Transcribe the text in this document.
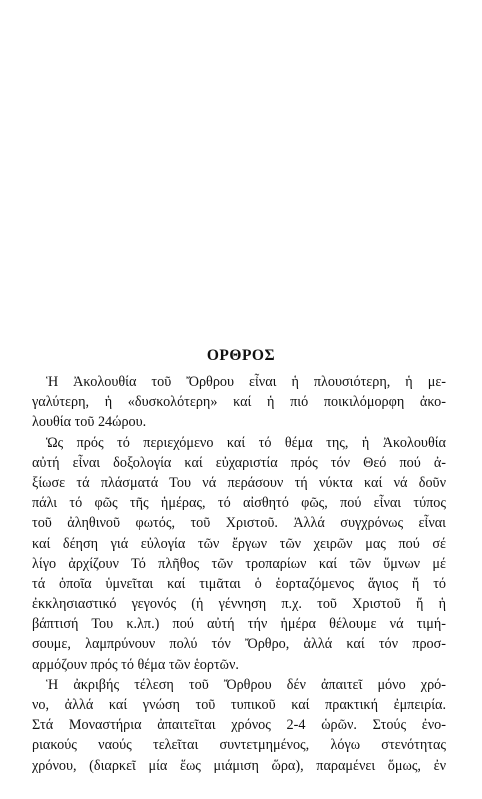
ΟΡΘΡΟΣ
Ἡ Ἀκολουθία τοῦ Ὄρθρου εἶναι ἡ πλουσιότερη, ἡ με-
γαλύτερη, ἡ «δυσκολότερη» καί ἡ πιό ποικιλόμορφη ἀκο-
λουθία τοῦ 24ώρου.
Ὡς πρός τό περιεχόμενο καί τό θέμα της, ἡ Ἀκολουθία
αὐτή εἶναι δοξολογία καί εὐχαριστία πρός τόν Θεό πού ἀ-
ξίωσε τά πλάσματά Του νά περάσουν τή νύκτα καί νά δοῦν
πάλι τό φῶς τῆς ἡμέρας, τό αἰσθητό φῶς, πού εἶναι τύπος
τοῦ ἀληθινοῦ φωτός, τοῦ Χριστοῦ. Ἀλλά συγχρόνως εἶναι
καί δέηση γιά εὐλογία τῶν ἔργων τῶν χειρῶν μας πού σέ
λίγο ἀρχίζουν Τό πλῆθος τῶν τροπαρίων καί τῶν ὕμνων μέ
τά ὁποῖα ὑμνεῖται καί τιμᾶται ὁ ἑορταζόμενος ἅγιος ἤ τό
ἐκκλησιαστικό γεγονός (ἡ γέννηση π.χ. τοῦ Χριστοῦ ἤ ἡ
βάπτισή Του κ.λπ.) πού αὐτή τήν ἡμέρα θέλουμε νά τιμή-
σουμε, λαμπρύνουν πολύ τόν Ὄρθρο, ἀλλά καί τόν προσ-
αρμόζουν πρός τό θέμα τῶν ἑορτῶν.
Ἡ ἀκριβής τέλεση τοῦ Ὄρθρου δέν ἀπαιτεῖ μόνο χρό-
νο, ἀλλά καί γνώση τοῦ τυπικοῦ καί πρακτική ἐμπειρία.
Στά Μοναστήρια ἀπαιτεῖται χρόνος 2-4 ὡρῶν. Στούς ἐνο-
ριακούς ναούς τελεῖται συντετμημένος, λόγω στενότητας
χρόνου, (διαρκεῖ μία ἕως μιάμιση ὥρα), παραμένει ὅμως, ἐν
